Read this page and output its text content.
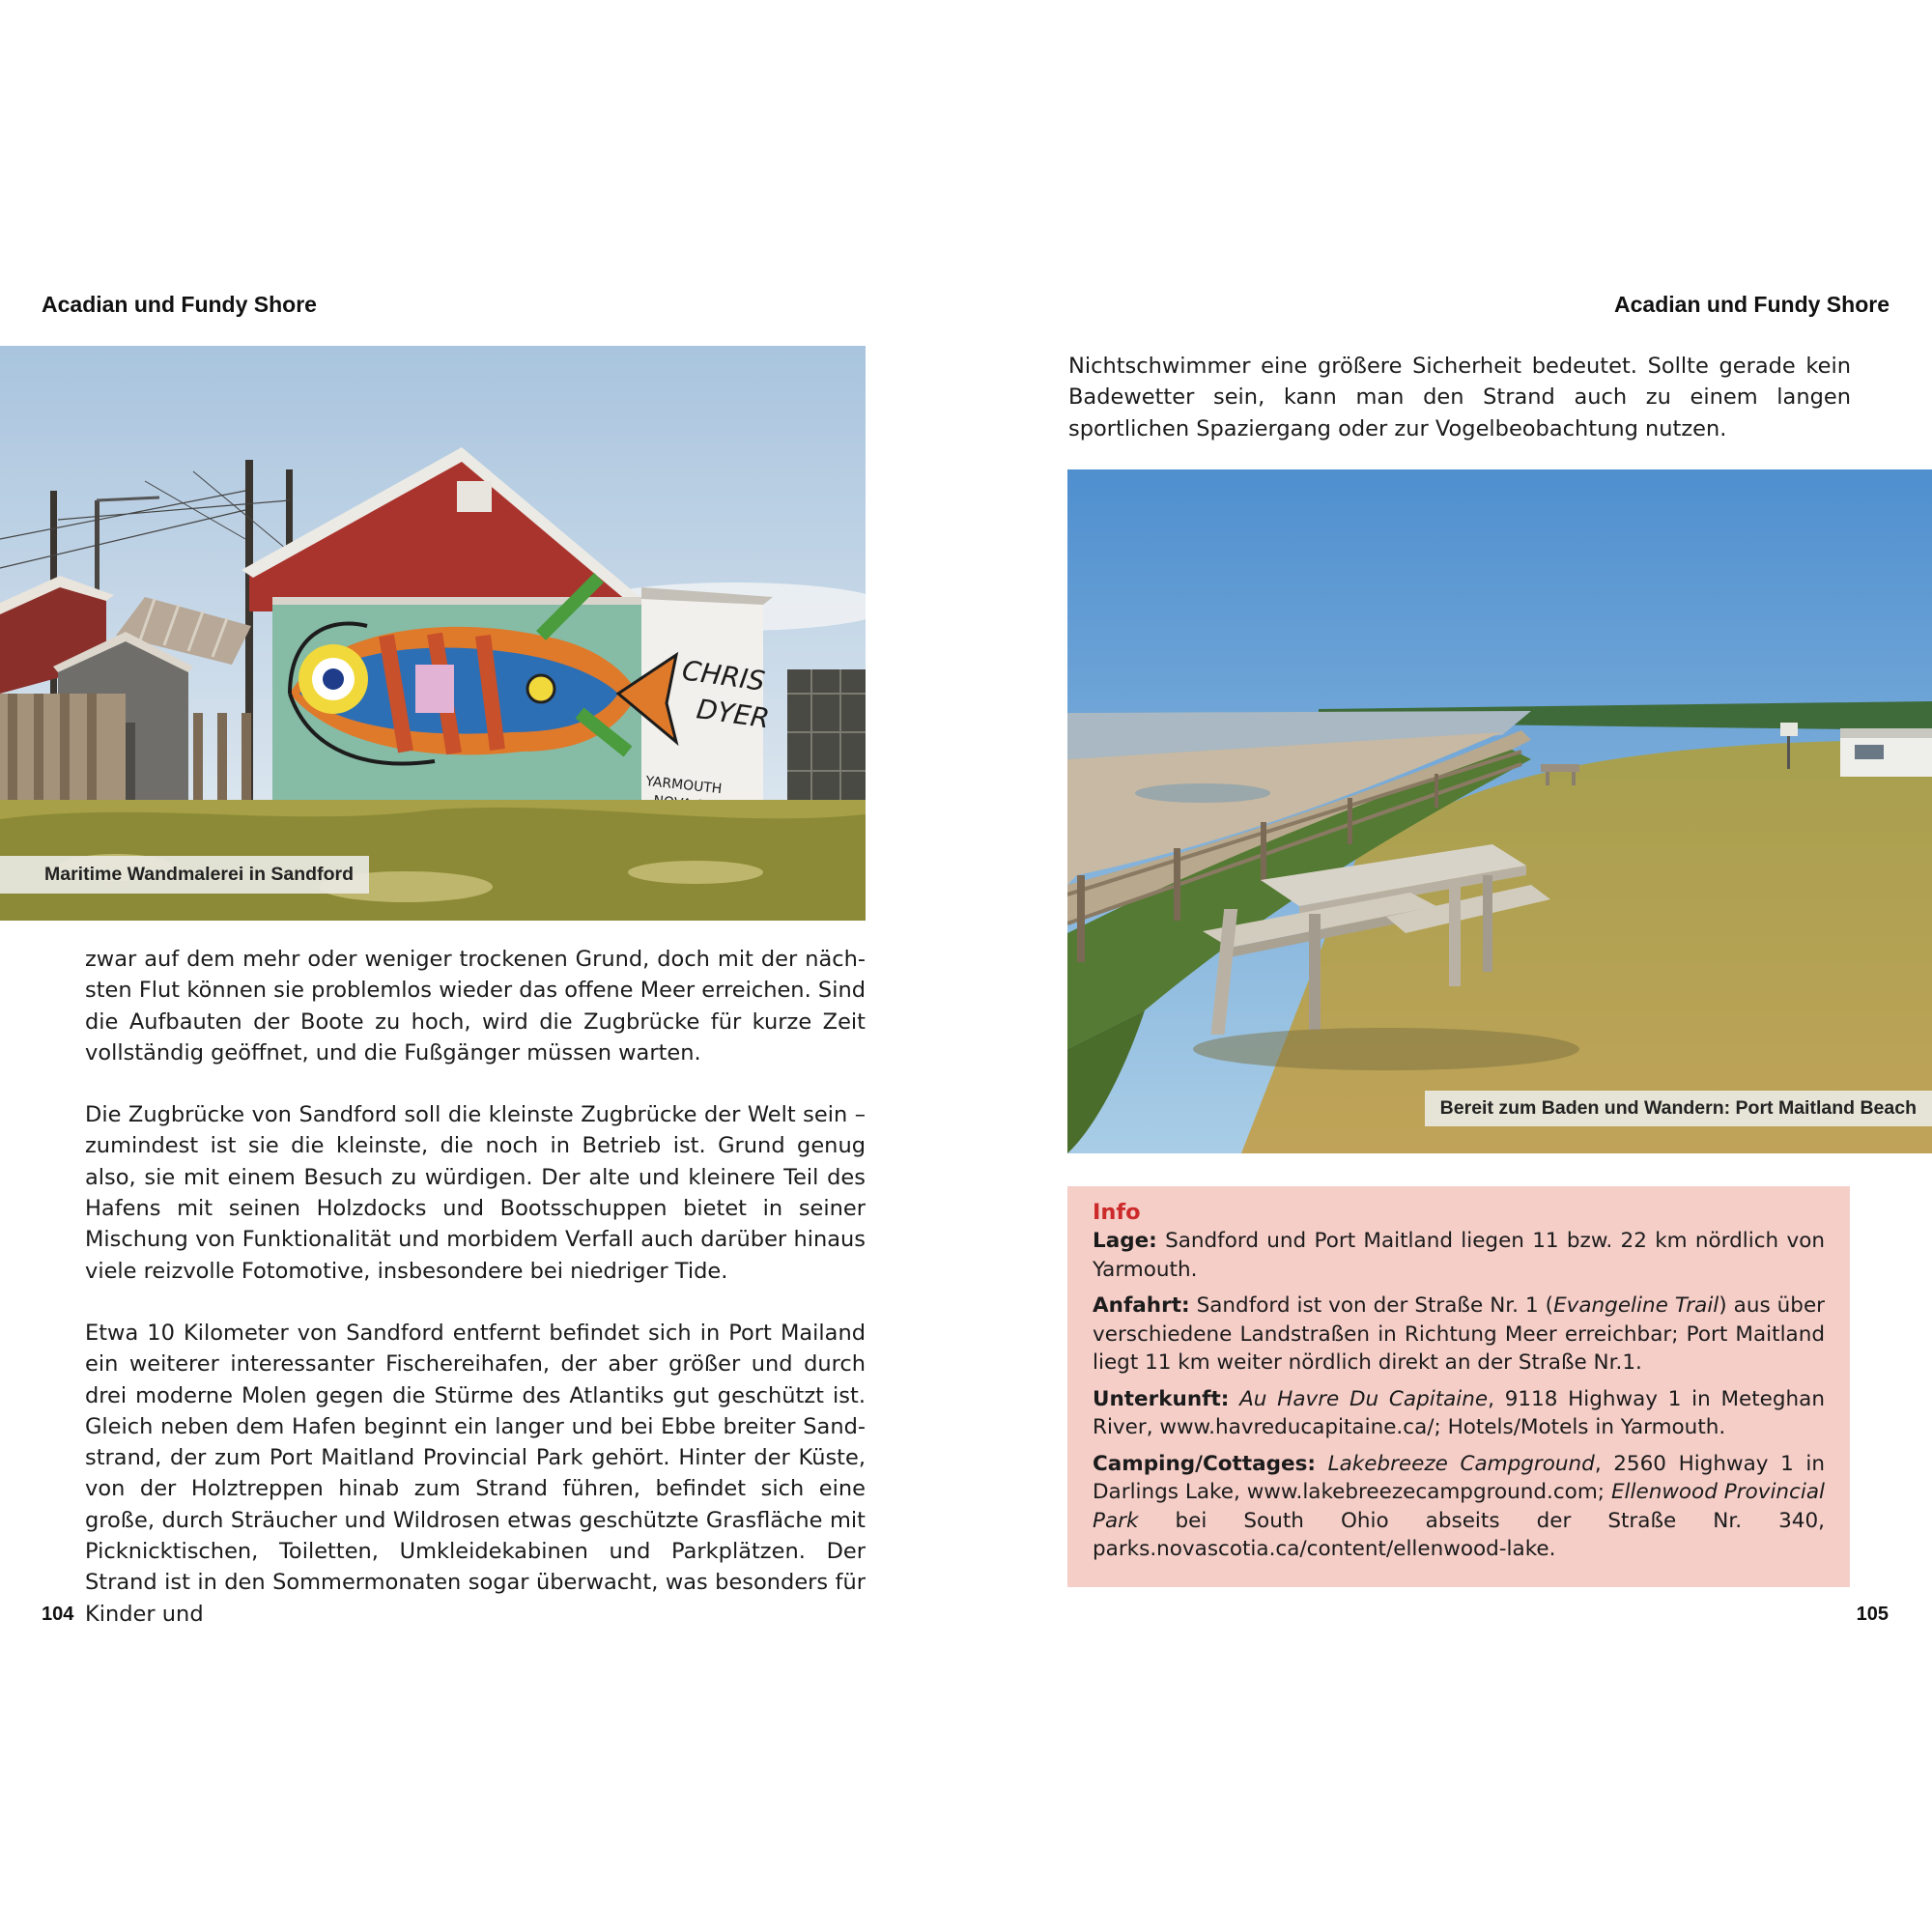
Acadian und Fundy Shore	Acadian und Fundy Shore
CHRIS
DYER
YARMOUTH
Maritime Wandmalerei in Sandford

zwar auf dem mehr oder weniger trockenen Grund, doch mit der nächsten Flut können sie problemlos wieder das offene Meer erreichen. Sind die Aufbauten der Boote zu hoch, wird die Zugbrücke für kurze Zeit vollständig geöffnet, und die Fußgänger müssen warten.

Die Zugbrücke von Sandford soll die kleinste Zugbrücke der Welt sein – zumindest ist sie die kleinste, die noch in Betrieb ist. Grund genug also, sie mit einem Besuch zu würdigen. Der alte und kleinere Teil des Hafens mit seinen Holzdocks und Bootsschuppen bietet in seiner Mischung von Funktionalität und morbidem Verfall auch darüber hinaus viele reizvolle Fotomotive, insbesondere bei niedriger Tide.

Etwa 10 Kilometer von Sandford entfernt befindet sich in Port Mailand ein weiterer interessanter Fischereihafen, der aber größer und durch drei moderne Molen gegen die Stürme des Atlantiks gut geschützt ist. Gleich neben dem Hafen beginnt ein langer und bei Ebbe breiter Sandstrand, der zum Port Maitland Provincial Park gehört. Hinter der Küste, von der Holztreppen hinab zum Strand führen, befindet sich eine große, durch Sträucher und Wildrosen etwas geschützte Grasfläche mit Picknicktischen, Toiletten, Umkleidekabinen und Parkplätzen. Der Strand ist in den Sommermonaten sogar überwacht, was besonders für Kinder und

104
Nichtschwimmer eine größere Sicherheit bedeutet. Sollte gerade kein Badewetter sein, kann man den Strand auch zu einem langen sportlichen Spaziergang oder zur Vogelbeobachtung nutzen.
Bereit zum Baden und Wandern: Port Maitland Beach
Info

Lage: Sandford und Port Maitland liegen 11 bzw. 22 km nördlich von Yarmouth.

Anfahrt: Sandford ist von der Straße Nr. 1 (Evangeline Trail) aus über verschiedene Landstraßen in Richtung Meer erreichbar; Port Maitland liegt 11 km weiter nördlich direkt an der Straße Nr.1.

Unterkunft: Au Havre Du Capitaine, 9118 Highway 1 in Meteghan River, www.havreducapitaine.ca/; Hotels/Motels in Yarmouth.

Camping/Cottages: Lakebreeze Campground, 2560 Highway 1 in Darlings Lake, www.lakebreezecampground.com; Ellenwood Provincial Park bei South Ohio abseits der Straße Nr. 340, parks.novascotia.ca/content/ellenwood-lake.

105
